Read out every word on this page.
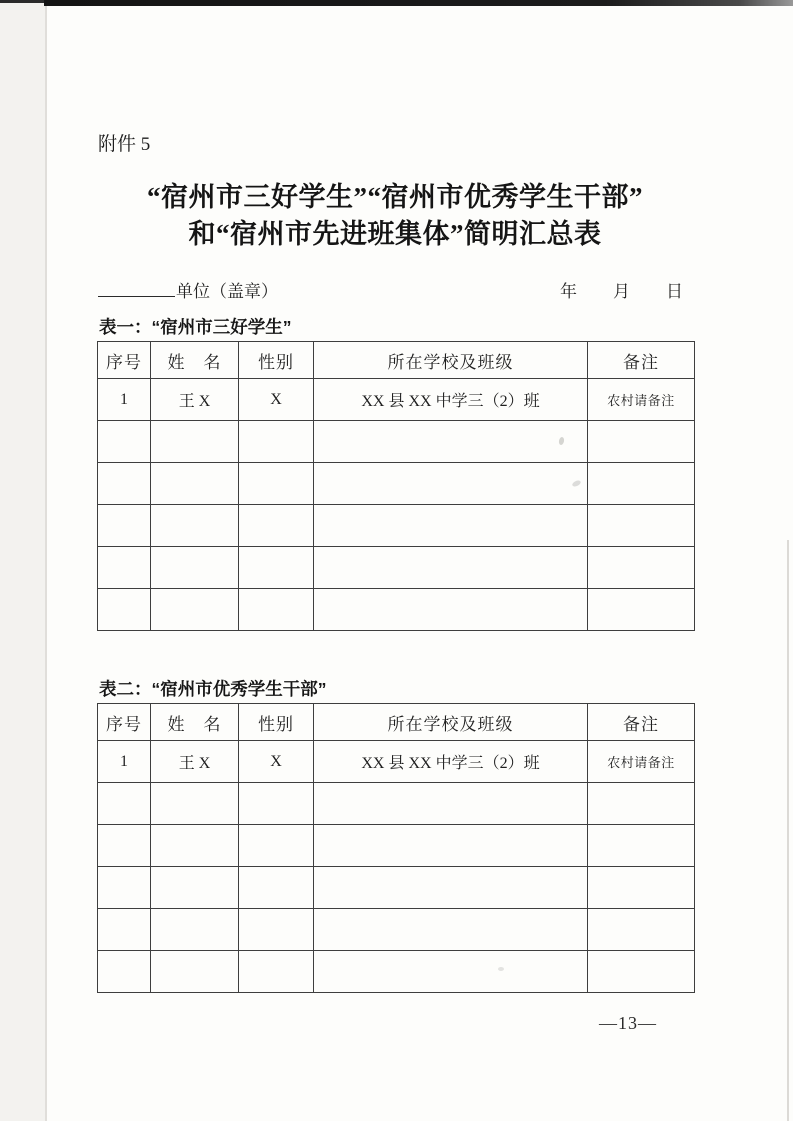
附件 5
“宿州市三好学生”“宿州市优秀学生干部”
和“宿州市先进班集体”简明汇总表
单位（盖章）	年 月 日
表一：“宿州市三好学生”
序号	姓　名	性别	所在学校及班级	备注
1	王 X	X	XX 县 XX 中学三（2）班	农村请备注

表二：“宿州市优秀学生干部”
序号	姓　名	性别	所在学校及班级	备注
1	王 X	X	XX 县 XX 中学三（2）班	农村请备注

—13—
